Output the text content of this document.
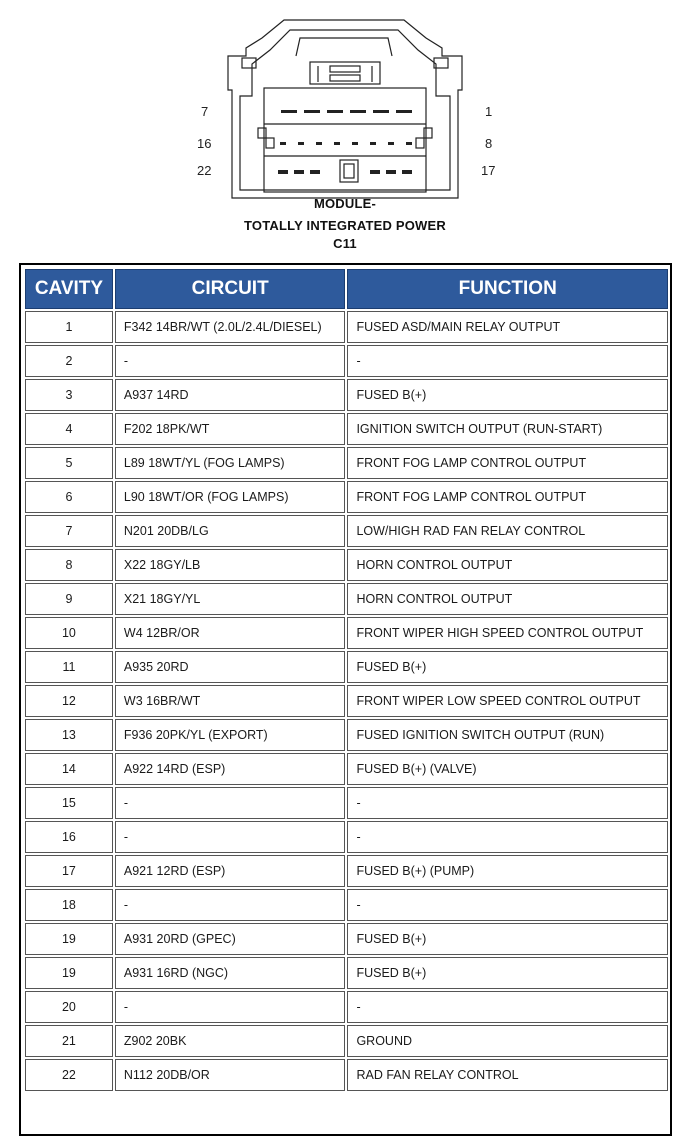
7	1
16	8
22	17
MODULE-
TOTALLY INTEGRATED POWER
C11
CAVITY	CIRCUIT	FUNCTION
1	F342 14BR/WT (2.0L/2.4L/DIESEL)	FUSED ASD/MAIN RELAY OUTPUT
2	-	-
3	A937 14RD	FUSED B(+)
4	F202 18PK/WT	IGNITION SWITCH OUTPUT (RUN-START)
5	L89 18WT/YL (FOG LAMPS)	FRONT FOG LAMP CONTROL OUTPUT
6	L90 18WT/OR (FOG LAMPS)	FRONT FOG LAMP CONTROL OUTPUT
7	N201 20DB/LG	LOW/HIGH RAD FAN RELAY CONTROL
8	X22 18GY/LB	HORN CONTROL OUTPUT
9	X21 18GY/YL	HORN CONTROL OUTPUT
10	W4 12BR/OR	FRONT WIPER HIGH SPEED CONTROL OUTPUT
11	A935 20RD	FUSED B(+)
12	W3 16BR/WT	FRONT WIPER LOW SPEED CONTROL OUTPUT
13	F936 20PK/YL (EXPORT)	FUSED IGNITION SWITCH OUTPUT (RUN)
14	A922 14RD (ESP)	FUSED B(+) (VALVE)
15	-	-
16	-	-
17	A921 12RD (ESP)	FUSED B(+) (PUMP)
18	-	-
19	A931 20RD (GPEC)	FUSED B(+)
19	A931 16RD (NGC)	FUSED B(+)
20	-	-
21	Z902 20BK	GROUND
22	N112 20DB/OR	RAD FAN RELAY CONTROL
